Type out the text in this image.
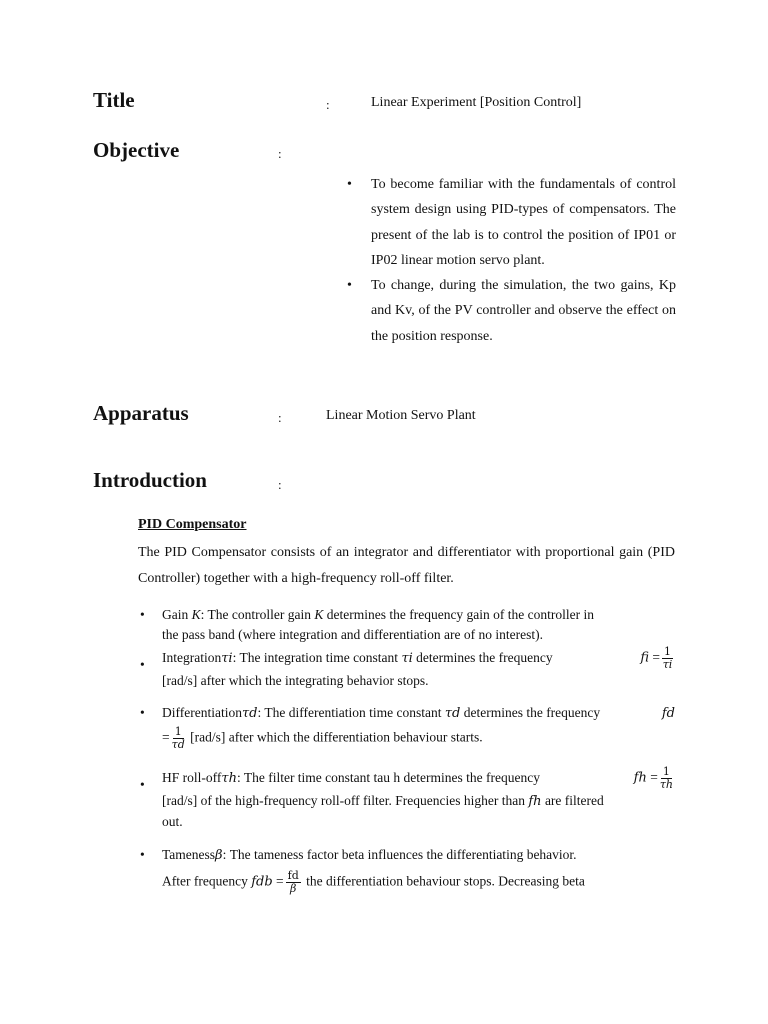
Title	:	Linear Experiment [Position Control]
Objective	:
• To become familiar with the fundamentals of control system design using PID-types of compensators. The present of the lab is to control the position of IP01 or IP02 linear motion servo plant.
• To change, during the simulation, the two gains, Kp and Kv, of the PV controller and observe the effect on the position response.
Apparatus	:	Linear Motion Servo Plant
Introduction	:
PID Compensator
The PID Compensator consists of an integrator and differentiator with proportional gain (PID Controller) together with a high-frequency roll-off filter.
• Gain K: The controller gain K determines the frequency gain of the controller in
the pass band (where integration and differentiation are of no interest).
• Integrationτi: The integration time constant τi determines the frequency	fi = $\frac{1}{\tau i}$
[rad/s] after which the integrating behavior stops.
• Differentiationτd: The differentiation time constant τd determines the frequency	fd
= $\frac{1}{\tau d} [rad/s]$ after which the differentiation behaviour starts.
• HF roll-offτh: The filter time constant tau h determines the frequency	fh = $\frac{1}{\tau h}$
[rad/s] of the high-frequency roll-off filter. Frequencies higher than fh are filtered
out.
• Tamenessβ: The tameness factor beta influences the differentiating behavior.
After frequency fdb = $\frac{fd}{\beta}$ the differentiation behaviour stops. Decreasing beta
